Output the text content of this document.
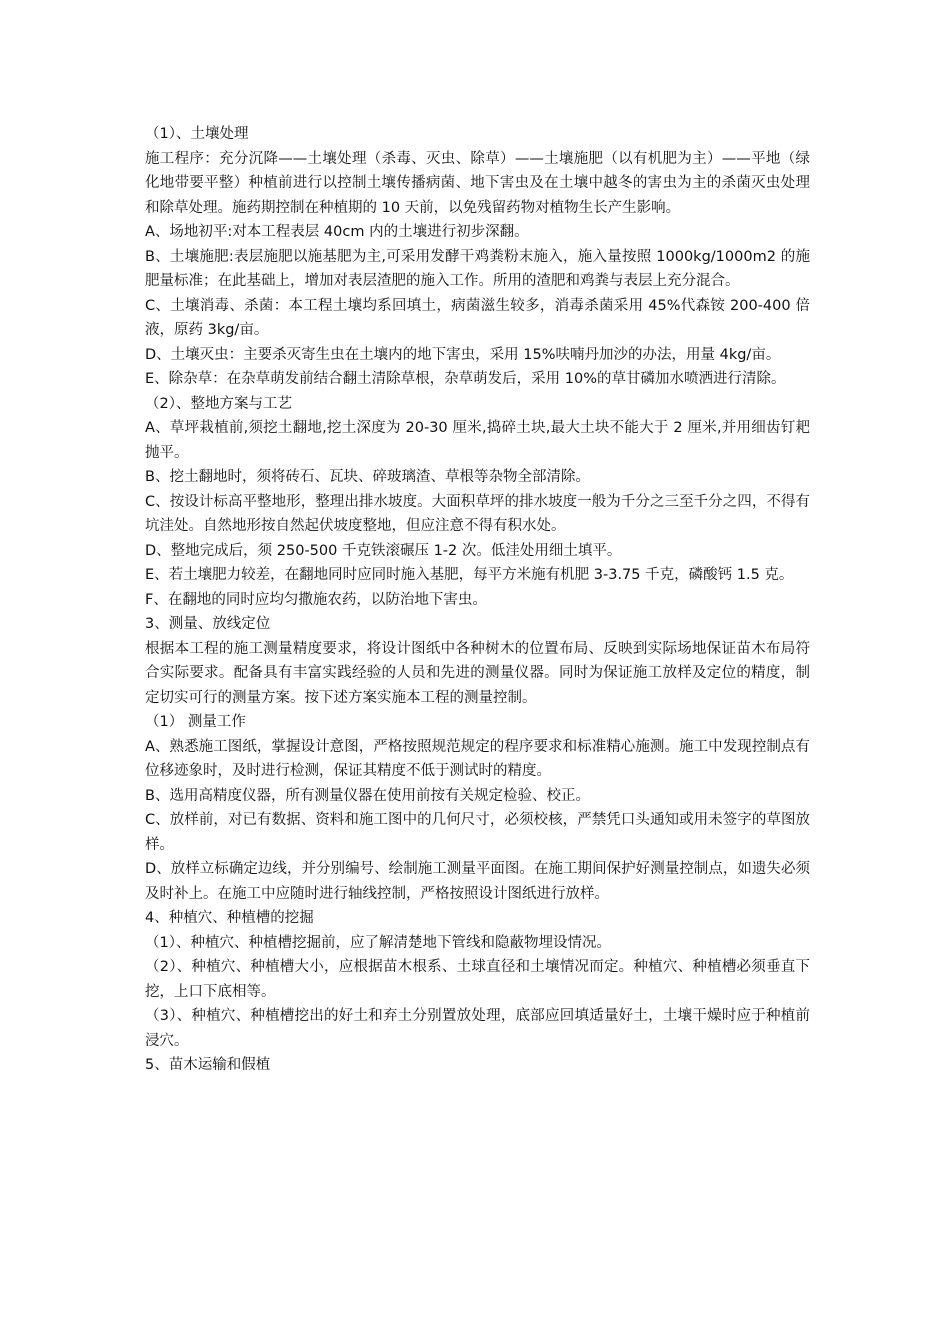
（1）、土壤处理

施工程序：充分沉降——土壤处理（杀毒、灭虫、除草）——土壤施肥（以有机肥为主）——平地（绿化地带要平整）种植前进行以控制土壤传播病菌、地下害虫及在土壤中越冬的害虫为主的杀菌灭虫处理和除草处理。施药期控制在种植期的 10 天前，以免残留药物对植物生长产生影响。

A、场地初平:对本工程表层 40cm 内的土壤进行初步深翻。

B、土壤施肥:表层施肥以施基肥为主,可采用发酵干鸡粪粉末施入，施入量按照 1000kg/1000m2 的施肥量标准；在此基础上，增加对表层渣肥的施入工作。所用的渣肥和鸡粪与表层上充分混合。

C、土壤消毒、杀菌：本工程土壤均系回填土，病菌滋生较多，消毒杀菌采用 45%代森铵 200-400 倍液，原药 3kg/亩。

D、土壤灭虫：主要杀灭寄生虫在土壤内的地下害虫，采用 15%呋喃丹加沙的办法，用量 4kg/亩。

E、除杂草：在杂草萌发前结合翻土清除草根，杂草萌发后，采用 10%的草甘磷加水喷洒进行清除。

（2）、整地方案与工艺

A、草坪栽植前,须挖土翻地,挖土深度为 20-30 厘米,捣碎土块,最大土块不能大于 2 厘米,并用细齿钉耙抛平。

B、挖土翻地时，须将砖石、瓦块、碎玻璃渣、草根等杂物全部清除。

C、按设计标高平整地形，整理出排水坡度。大面积草坪的排水坡度一般为千分之三至千分之四，不得有坑洼处。自然地形按自然起伏坡度整地，但应注意不得有积水处。

D、整地完成后，须 250-500 千克铁滚碾压 1-2 次。低洼处用细土填平。

E、若土壤肥力较差，在翻地同时应同时施入基肥，每平方米施有机肥 3-3.75 千克，磷酸钙 1.5 克。

F、在翻地的同时应均匀撒施农药，以防治地下害虫。

3、测量、放线定位

根据本工程的施工测量精度要求，将设计图纸中各种树木的位置布局、反映到实际场地保证苗木布局符合实际要求。配备具有丰富实践经验的人员和先进的测量仪器。同时为保证施工放样及定位的精度，制定切实可行的测量方案。按下述方案实施本工程的测量控制。

（1） 测量工作

A、熟悉施工图纸，掌握设计意图，严格按照规范规定的程序要求和标准精心施测。施工中发现控制点有位移迹象时，及时进行检测，保证其精度不低于测试时的精度。

B、选用高精度仪器，所有测量仪器在使用前按有关规定检验、校正。

C、放样前，对已有数据、资料和施工图中的几何尺寸，必须校核，严禁凭口头通知或用未签字的草图放样。

D、放样立标确定边线，并分别编号、绘制施工测量平面图。在施工期间保护好测量控制点，如遗失必须及时补上。在施工中应随时进行轴线控制，严格按照设计图纸进行放样。

4、种植穴、种植槽的挖掘

（1）、种植穴、种植槽挖掘前，应了解清楚地下管线和隐蔽物埋设情况。

（2）、种植穴、种植槽大小，应根据苗木根系、土球直径和土壤情况而定。种植穴、种植槽必须垂直下挖，上口下底相等。

（3）、种植穴、种植槽挖出的好土和弃土分别置放处理，底部应回填适量好土，土壤干燥时应于种植前浸穴。

5、苗木运输和假植
